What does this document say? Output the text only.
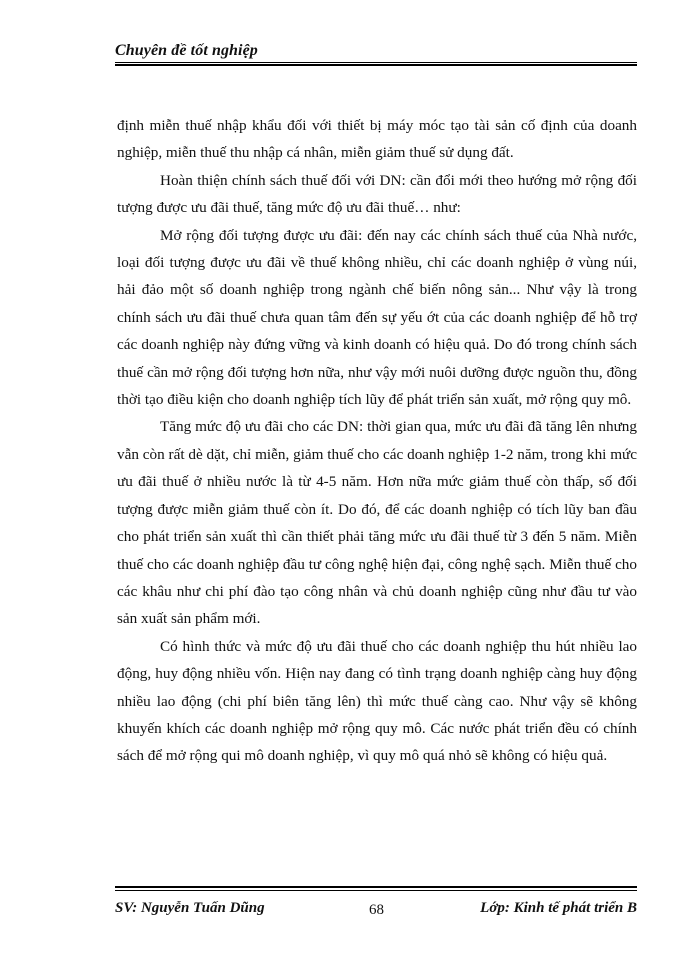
Chuyên đề tốt nghiệp

định miễn thuế nhập khẩu đối với thiết bị máy móc tạo tài sản cố định của doanh nghiệp, miễn thuế thu nhập cá nhân, miễn giảm thuế sử dụng đất.

Hoàn thiện chính sách thuế đối với DN: cần đổi mới theo hướng mở rộng đối tượng được ưu đãi thuế, tăng mức độ ưu đãi thuế… như:

Mở rộng đối tượng được ưu đãi: đến nay các chính sách thuế của Nhà nước, loại đối tượng được ưu đãi về thuế không nhiều, chỉ các doanh nghiệp ở vùng núi, hải đảo một số doanh nghiệp trong ngành chế biến nông sản... Như vậy là trong chính sách ưu đãi thuế chưa quan tâm đến sự yếu ớt của các doanh nghiệp để hỗ trợ các doanh nghiệp này đứng vững và kinh doanh có hiệu quả. Do đó trong chính sách thuế cần mở rộng đối tượng hơn nữa, như vậy mới nuôi dưỡng được nguồn thu, đồng thời tạo điều kiện cho doanh nghiệp tích lũy để phát triển sản xuất, mở rộng quy mô.

Tăng mức độ ưu đãi cho các DN: thời gian qua, mức ưu đãi đã tăng lên nhưng vẫn còn rất dè dặt, chỉ miễn, giảm thuế cho các doanh nghiệp 1-2 năm, trong khi mức ưu đãi thuế ở nhiều nước là từ 4-5 năm. Hơn nữa mức giảm thuế còn thấp, số đối tượng được miễn giảm thuế còn ít. Do đó, để các doanh nghiệp có tích lũy ban đầu cho phát triển sản xuất thì cần thiết phải tăng mức ưu đãi thuế từ 3 đến 5 năm. Miễn thuế cho các doanh nghiệp đầu tư công nghệ hiện đại, công nghệ sạch. Miễn thuế cho các khâu như chi phí đào tạo công nhân và chủ doanh nghiệp cũng như đầu tư vào sản xuất sản phẩm mới.

Có hình thức và mức độ ưu đãi thuế cho các doanh nghiệp thu hút nhiều lao động, huy động nhiều vốn. Hiện nay đang có tình trạng doanh nghiệp càng huy động nhiều lao động (chi phí biên tăng lên) thì mức thuế càng cao. Như vậy sẽ không khuyến khích các doanh nghiệp mở rộng quy mô. Các nước phát triển đều có chính sách để mở rộng qui mô doanh nghiệp, vì quy mô quá nhỏ sẽ không có hiệu quả.

SV: Nguyễn Tuấn Dũng	68	Lớp: Kinh tế phát triển B
